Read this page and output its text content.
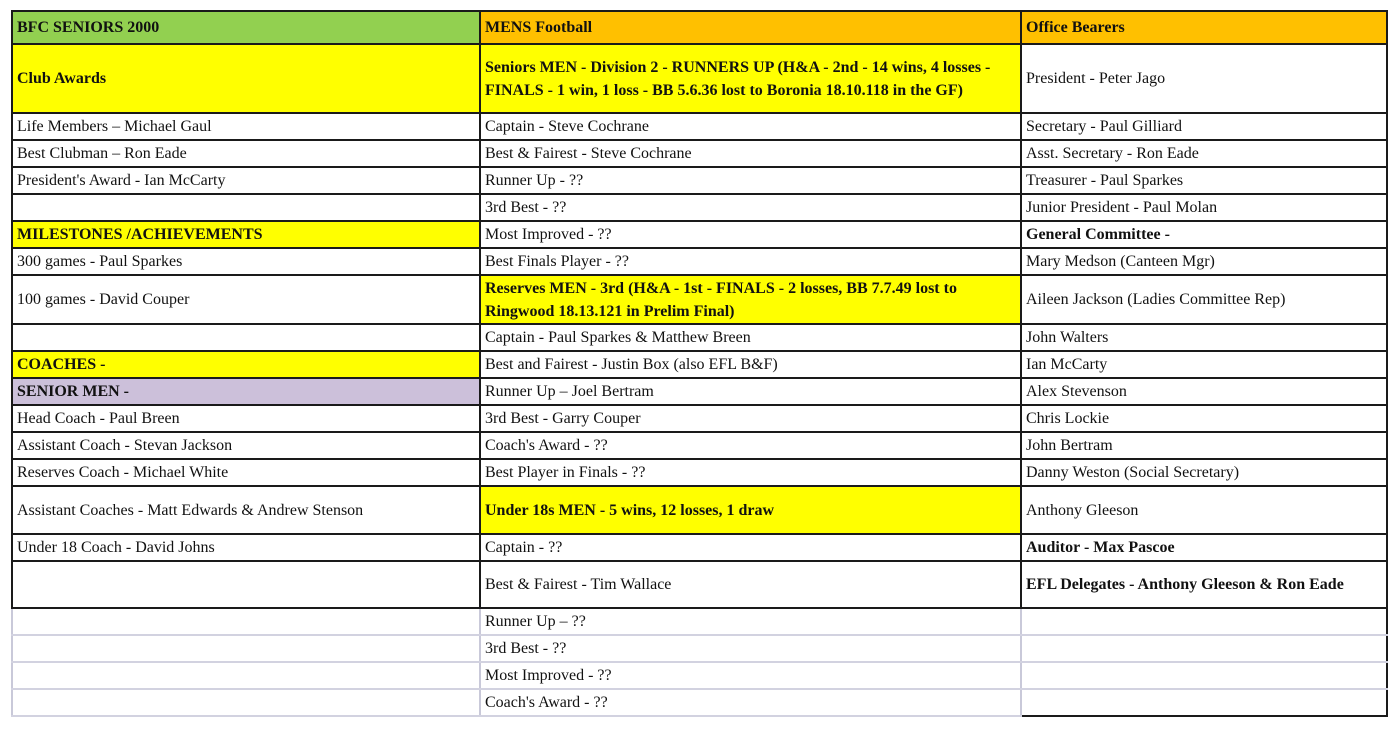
BFC SENIORS 2000	MENS Football	Office Bearers
Club Awards	Seniors MEN - Division 2 - RUNNERS UP (H&A - 2nd - 14 wins, 4 losses - FINALS - 1 win, 1 loss - BB 5.6.36 lost to Boronia 18.10.118 in the GF)	President - Peter Jago
Life Members – Michael Gaul	Captain - Steve Cochrane	Secretary - Paul Gilliard
Best Clubman – Ron Eade	Best & Fairest - Steve Cochrane	Asst. Secretary - Ron Eade
President's Award - Ian McCarty	Runner Up - ??	Treasurer - Paul Sparkes
	3rd Best - ??	Junior President - Paul Molan
MILESTONES /ACHIEVEMENTS	Most Improved - ??	General Committee -
300 games - Paul Sparkes	Best Finals Player - ??	Mary Medson (Canteen Mgr)
100 games - David Couper	Reserves MEN - 3rd (H&A - 1st - FINALS - 2 losses, BB 7.7.49 lost to Ringwood 18.13.121 in Prelim Final)	Aileen Jackson (Ladies Committee Rep)
	Captain - Paul Sparkes & Matthew Breen	John Walters
COACHES -	Best and Fairest - Justin Box (also EFL B&F)	Ian McCarty
SENIOR MEN -	Runner Up – Joel Bertram	Alex Stevenson
Head Coach - Paul Breen	3rd Best - Garry Couper	Chris Lockie
Assistant Coach - Stevan Jackson	Coach's Award - ??	John Bertram
Reserves Coach - Michael White	Best Player in Finals - ??	Danny Weston (Social Secretary)
Assistant Coaches - Matt Edwards & Andrew Stenson	Under 18s MEN - 5 wins, 12 losses, 1 draw	Anthony Gleeson
Under 18 Coach - David Johns	Captain - ??	Auditor - Max Pascoe
	Best & Fairest - Tim Wallace	EFL Delegates - Anthony Gleeson & Ron Eade
	Runner Up – ??	
	3rd Best - ??	
	Most Improved - ??	
	Coach's Award - ??	
